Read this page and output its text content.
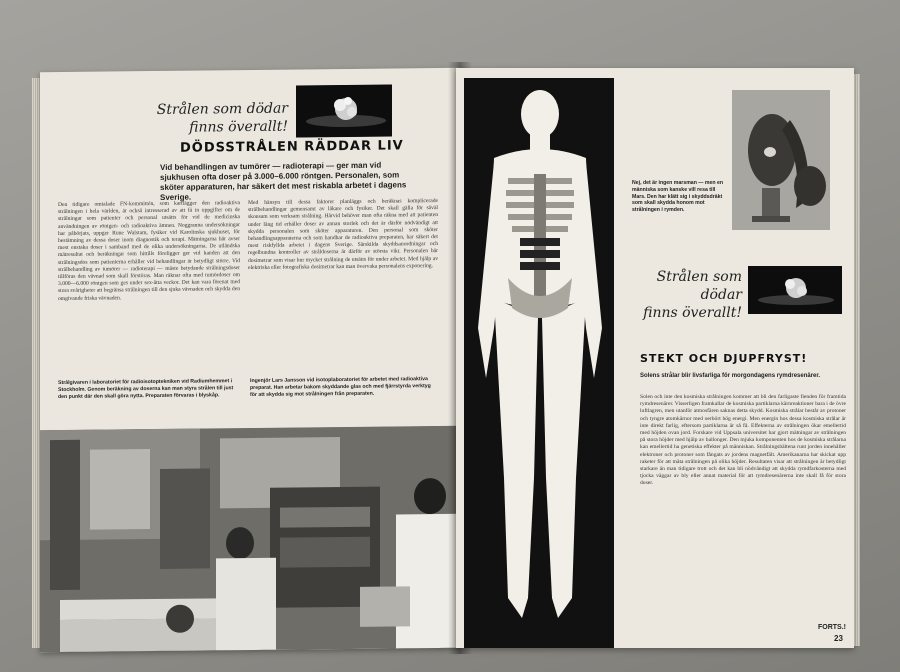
Strålen som dödar
finns överallt!
DÖDSSTRÅLEN RÄDDAR LIV
Vid behandlingen av tumörer — radioterapi — ger man vid sjukhusen ofta doser på 3.000–6.000 röntgen. Personalen, som sköter apparaturen, har säkert det mest riskabla arbetet i dagens Sverige.
Den tidigare omtalade FN-kommittén, som kartlägger den radioaktiva strålningen i hela världen, är också intresserad av att få in uppgifter om de strålningar som patienter och personal utsätts för vid de medicinska användningen av röntgen- och radioaktiva ämnen. Noggranna undersökningar har påbörjats, uppger Rune Walstam, fysiker vid Karolinska sjukhuset, för bestämning av dessa doser inom diagnostik och terapi. Mätningarna här avser mest enstaka doser i samband med de olika undersökningarna. De utländska mätresultat och beräkningar som hittills föreligger ger vid handen att den strålningsdos som patienterna erhåller vid behandlingar är betydligt större. Vid strålbehandling av tumörer — radioterapi — måste betydande strålningsdoser tillföras den vävnad som skall förstöras. Man räknar ofta med tumördoser om 3.000—6.000 röntgen som ges under sex-åtta veckor. Det kan vara förenat med stora svårigheter att begränsa strålningen till den sjuka vävnaden och skydda den omgivande friska vävnaden.
Med hänsyn till dessa faktorer planläggs och beräknas komplicerade strålbehandlingar gemensamt av läkare och fysiker. Det skall gälla för såväl skonsam som verksam strålning. Härvid behöver man ofta räkna med att patienten under lång tid erhåller doser av annan storlek och det är därför nödvändigt att skydda personalen som sköter apparaturen. Den personal som sköter behandlingsapparaterna och som handhar de radioaktiva preparaten, har säkert det mest riskfyllda arbetet i dagens Sverige. Särskilda skyddsanordningar och regelbundna kontroller av stråldoserna är därför av största vikt. Personalen bär dosimetrar som visar hur mycket strålning de utsätts för under arbetet. Med hjälp av elektriska eller fotografiska dosimetrar kan man övervaka personalens exponering.
Strålgivaren i laboratoriet för radioisotoptekniken vid Radiumhemmet i Stockholm. Genom beräkning av doserna kan man styra strålen till just den punkt där den skall göra nytta. Preparaten förvaras i blyskåp.
Ingenjör Lars Jansson vid isotoplaboratoriet för arbetet med radioaktiva preparat. Han arbetar bakom skyddande glas och med fjärrstyrda verktyg för att skydda sig mot strålningen från preparaten.
Nej, det är ingen marsman — men en människa som kanske vill resa till Mars. Den har klätt sig i skyddsdräkt som skall skydda honom mot strålningen i rymden.
Strålen som dödar
finns överallt!
STEKT OCH DJUPFRYST!
Solens strålar blir livsfarliga för morgondagens rymdresenärer.
Solen och inte den kosmiska strålningen kommer att bli den farligaste fienden för framtida rymdresenärer. Visserligen framkallar de kosmiska partiklarna kärnreaktioner bara i de övre luftlagren, men utanför atmosfären saknas detta skydd. Kosmiska strålar består av protoner och tyngre atomkärnor med oerhört hög energi. Men energin hos dessa kosmiska strålar är inte direkt farlig, eftersom partiklarna är så få. Effekterna av strålningen ökar emellertid med höjden ovan jord. Forskare vid Uppsala universitet har gjort mätningar av strålningen på stora höjder med hjälp av ballonger. Den mjuka komponenten hos de kosmiska strålarna kan emellertid ha genetiska effekter på människan. Strålningsbältena runt jorden innehåller elektroner och protoner som fångats av jordens magnetfält. Amerikanarna har skickat upp raketer för att mäta strålningen på olika höjder. Resultaten visar att strålningen är betydligt starkare än man tidigare trott och det kan bli nödvändigt att skydda rymdfarkosterna med tjocka väggar av bly eller annat material för att rymdresenärerna inte skall få för stora doser.
FORTS.!
23
